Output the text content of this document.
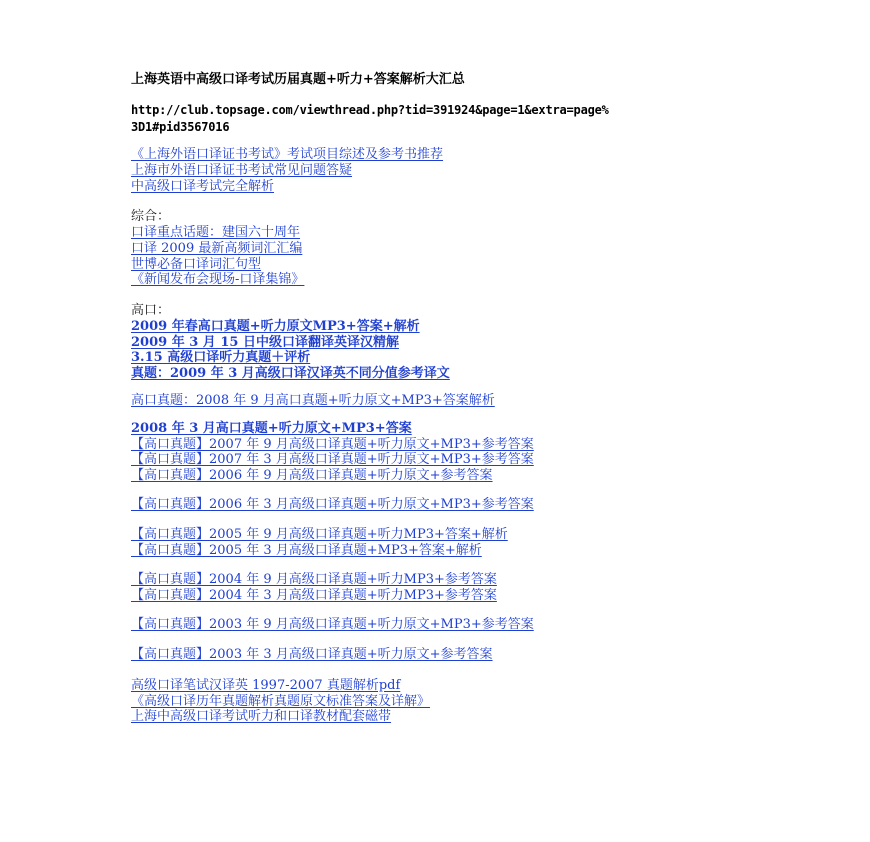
上海英语中高级口译考试历届真题+听力+答案解析大汇总
http://club.topsage.com/viewthread.php?tid=391924&page=1&extra=page%
3D1#pid3567016
《上海外语口译证书考试》考试项目综述及参考书推荐
上海市外语口译证书考试常见问题答疑
中高级口译考试完全解析
综合：
口译重点话题：建国六十周年
口译 2009 最新高频词汇汇编
世博必备口译词汇句型
《新闻发布会现场-口译集锦》
高口：
2009 年春高口真题+听力原文MP3+答案+解析
2009 年 3 月 15 日中级口译翻译英译汉精解
3.15 高级口译听力真题＋评析
真题：2009 年 3 月高级口译汉译英不同分值参考译文
高口真题：2008 年 9 月高口真题+听力原文+MP3+答案解析
2008 年 3 月高口真题+听力原文+MP3+答案
【高口真题】2007 年 9 月高级口译真题+听力原文+MP3+参考答案
【高口真题】2007 年 3 月高级口译真题+听力原文+MP3+参考答案
【高口真题】2006 年 9 月高级口译真题+听力原文+参考答案
【高口真题】2006 年 3 月高级口译真题+听力原文+MP3+参考答案
【高口真题】2005 年 9 月高级口译真题+听力MP3+答案+解析
【高口真题】2005 年 3 月高级口译真题+MP3+答案+解析
【高口真题】2004 年 9 月高级口译真题+听力MP3+参考答案
【高口真题】2004 年 3 月高级口译真题+听力MP3+参考答案
【高口真题】2003 年 9 月高级口译真题+听力原文+MP3+参考答案
【高口真题】2003 年 3 月高级口译真题+听力原文+参考答案
高级口译笔试汉译英 1997-2007 真题解析pdf
《高级口译历年真题解析真题原文标准答案及详解》
上海中高级口译考试听力和口译教材配套磁带
